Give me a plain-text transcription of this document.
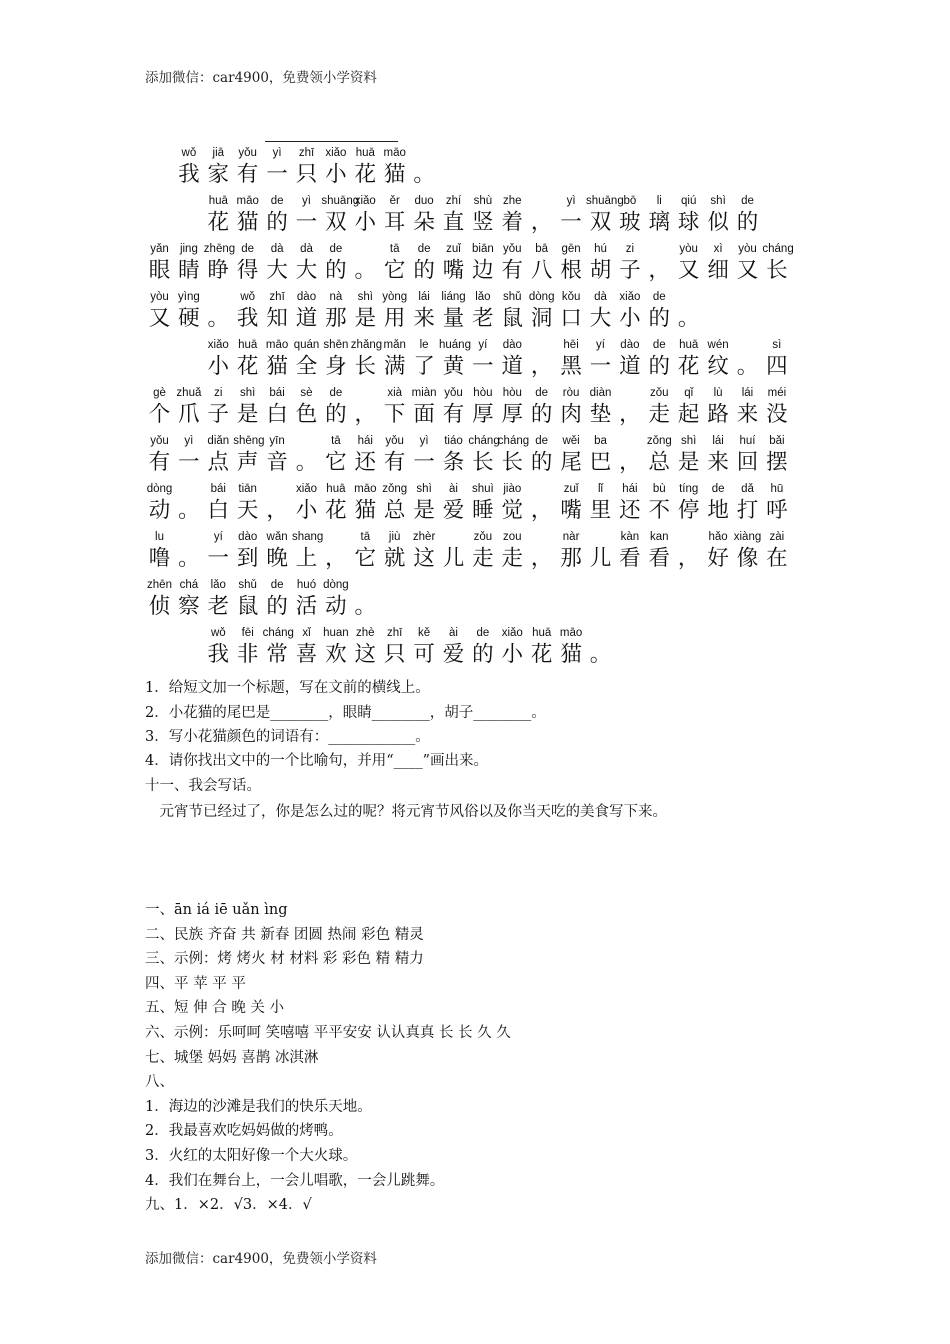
添加微信：car4900，免费领小学资料
wǒ
我
jiā
家
yǒu
有
yì
一
zhī
只
xiǎo
小
huā
花
māo
猫 。
huā
花
māo
猫
de
的
yì
一
shuāng
双
xiǎo
小
ěr
耳
duo
朵
zhí
直
shù
竖
zhe
着 ，
yì
一
shuāng
双
bō
玻
li
璃
qiú
球
shì
似
de
的
yǎn
眼
jing
睛
zhēng
睁
de
得
dà
大
dà
大
de
的 。
tā
它
de
的
zuǐ
嘴
biān
边
yǒu
有
bā
八
gēn
根
hú
胡
zi
子 ，
yòu
又
xì
细
yòu
又
cháng
长
yòu
又
yìng
硬 。
wǒ
我
zhī
知
dào
道
nà
那
shì
是
yòng
用
lái
来
liáng
量
lǎo
老
shǔ
鼠
dòng
洞
kǒu
口
dà
大
xiǎo
小
de
的 。
xiǎo
小
huā
花
māo
猫
quán
全
shēn
身
zhǎng
长
mǎn
满
le
了
huáng
黄
yí
一
dào
道 ，
hēi
黑
yí
一
dào
道
de
的
huā
花
wén
纹 。
sì
四
gè
个
zhuǎ
爪
zi
子
shì
是
bái
白
sè
色
de
的 ，
xià
下
miàn
面
yǒu
有
hòu
厚
hòu
厚
de
的
ròu
肉
diàn
垫 ，
zǒu
走
qǐ
起
lù
路
lái
来
méi
没
yǒu
有
yì
一
diǎn
点
shēng
声
yīn
音 。
tā
它
hái
还
yǒu
有
yì
一
tiáo
条
cháng
长
cháng
长
de
的
wěi
尾
ba
巴 ，
zǒng
总
shì
是
lái
来
huí
回
bǎi
摆
dòng
动 。
bái
白
tiān
天 ，
xiǎo
小
huā
花
māo
猫
zǒng
总
shì
是
ài
爱
shuì
睡
jiào
觉 ，
zuǐ
嘴
lǐ
里
hái
还
bù
不
tíng
停
de
地
dǎ
打
hū
呼
lu
噜 。
yí
一
dào
到
wǎn
晚
shang
上 ，
tā
它
jiù
就
zhèr
这 儿
zǒu
走
zou
走 ，
nàr
那 儿
kàn
看
kan
看 ，
hǎo
好
xiàng
像
zài
在
zhēn
侦
chá
察
lǎo
老
shǔ
鼠
de
的
huó
活
dòng
动 。
wǒ
我
fēi
非
cháng
常
xǐ
喜
huan
欢
zhè
这
zhī
只
kě
可
ài
爱
de
的
xiǎo
小
huā
花
māo
猫 。
1．给短文加一个标题，写在文前的横线上。
2．小花猫的尾巴是________，眼睛________，胡子________。
3．写小花猫颜色的词语有：____________。
4．请你找出文中的一个比喻句，并用“____”画出来。
十一、我会写话。
　元宵节已经过了，你是怎么过的呢？将元宵节风俗以及你当天吃的美食写下来。
一、ān iá iē uǎn ìng
二、民族 齐奋 共 新春 团圆 热闹 彩色 精灵
三、示例：烤 烤火 材 材料 彩 彩色 精 精力
四、平 苹 平 平
五、短 伸 合 晚 关 小
六、示例：乐呵呵 笑嘻嘻 平平安安 认认真真 长 长 久 久
七、城堡 妈妈 喜鹊 冰淇淋
八、
1．海边的沙滩是我们的快乐天地。
2．我最喜欢吃妈妈做的烤鸭。
3．火红的太阳好像一个大火球。
4．我们在舞台上，一会儿唱歌，一会儿跳舞。
九、1．×2．√3．×4．√
添加微信：car4900，免费领小学资料
